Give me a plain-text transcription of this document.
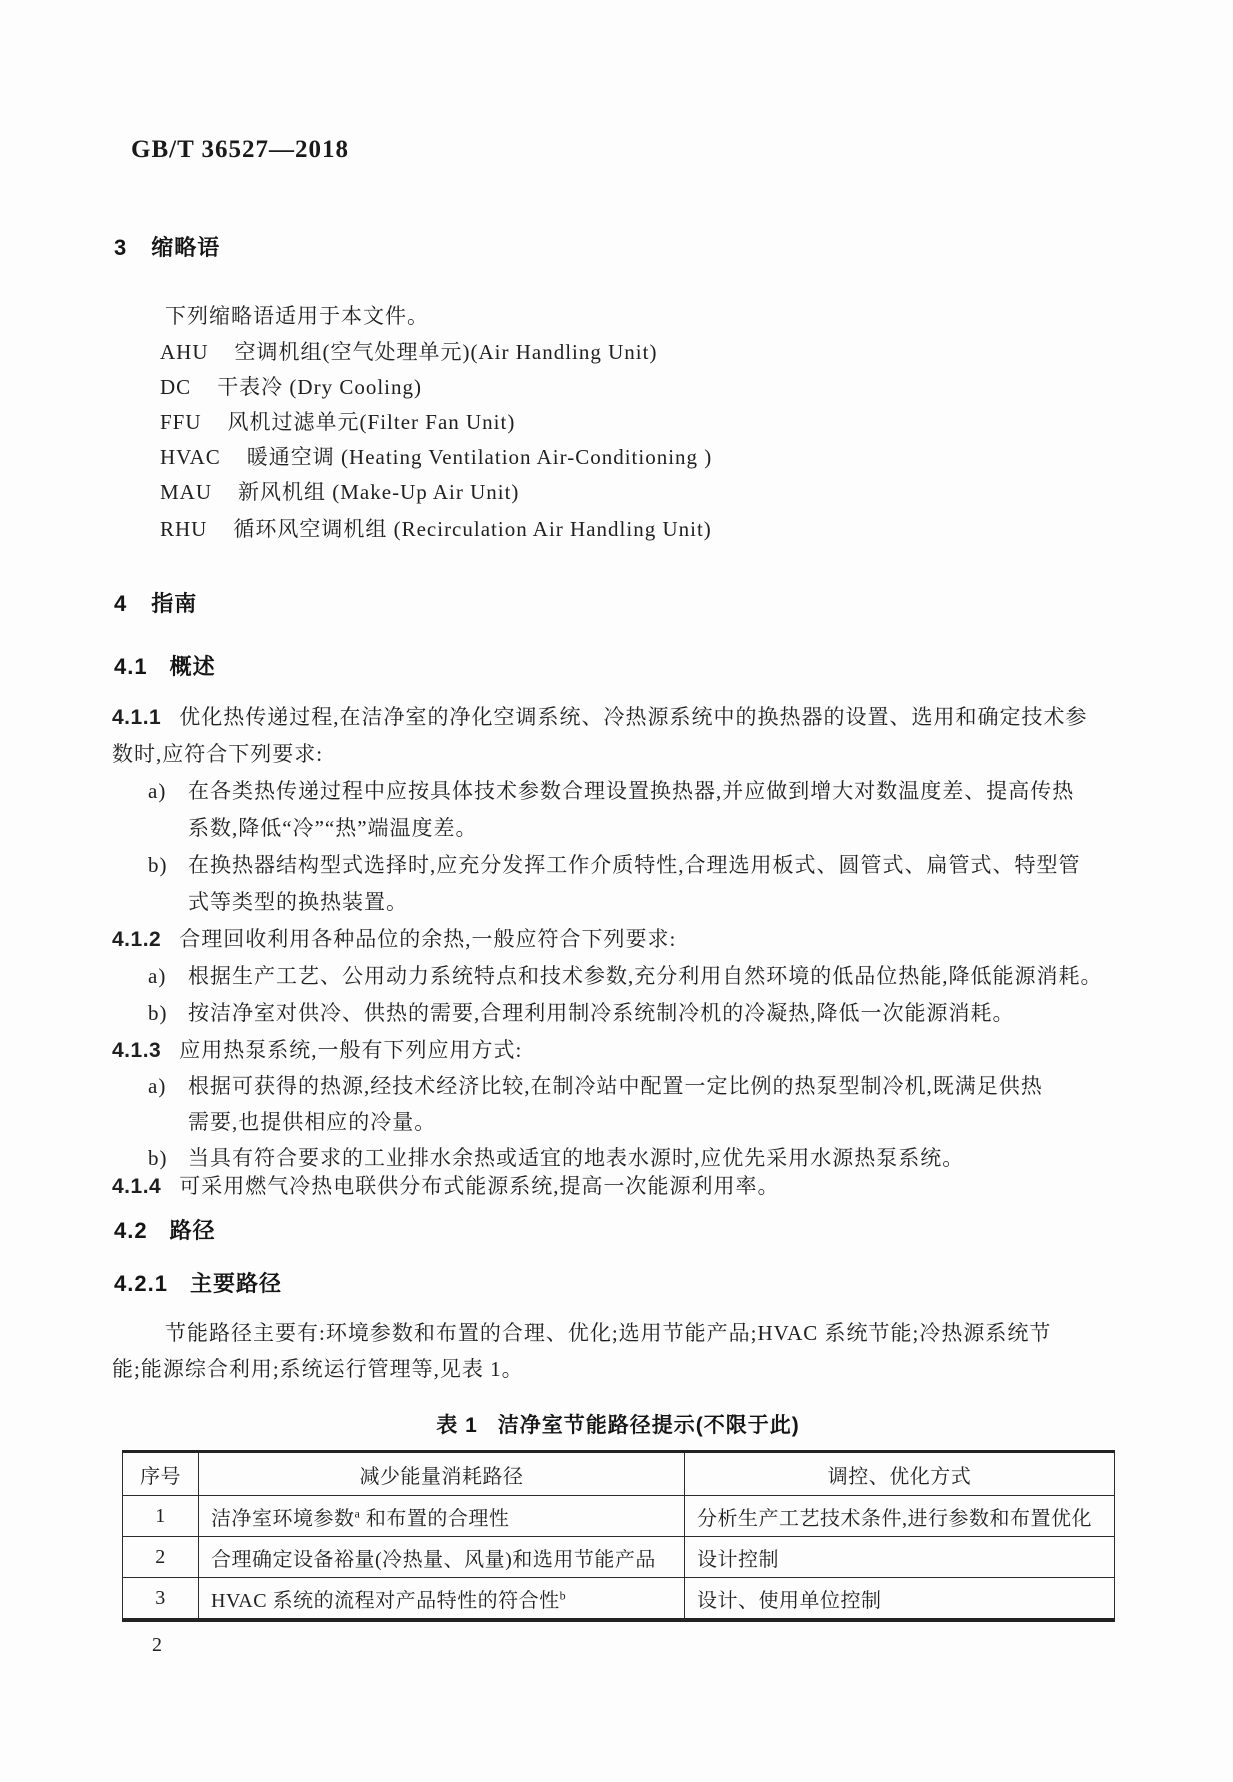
GB/T 36527—2018
3 缩略语
下列缩略语适用于本文件。
AHU 空调机组(空气处理单元)(Air Handling Unit)
DC 干表冷 (Dry Cooling)
FFU 风机过滤单元(Filter Fan Unit)
HVAC 暖通空调 (Heating Ventilation Air-Conditioning )
MAU 新风机组 (Make-Up Air Unit)
RHU 循环风空调机组 (Recirculation Air Handling Unit)
4 指南
4.1 概述
4.1.1 优化热传递过程,在洁净室的净化空调系统、冷热源系统中的换热器的设置、选用和确定技术参
数时,应符合下列要求:
a) 在各类热传递过程中应按具体技术参数合理设置换热器,并应做到增大对数温度差、提高传热
系数,降低“冷”“热”端温度差。
b) 在换热器结构型式选择时,应充分发挥工作介质特性,合理选用板式、圆管式、扁管式、特型管
式等类型的换热装置。
4.1.2 合理回收利用各种品位的余热,一般应符合下列要求:
a) 根据生产工艺、公用动力系统特点和技术参数,充分利用自然环境的低品位热能,降低能源消耗。
b) 按洁净室对供冷、供热的需要,合理利用制冷系统制冷机的冷凝热,降低一次能源消耗。
4.1.3 应用热泵系统,一般有下列应用方式:
a) 根据可获得的热源,经技术经济比较,在制冷站中配置一定比例的热泵型制冷机,既满足供热
需要,也提供相应的冷量。
b) 当具有符合要求的工业排水余热或适宜的地表水源时,应优先采用水源热泵系统。
4.1.4 可采用燃气冷热电联供分布式能源系统,提高一次能源利用率。
4.2 路径
4.2.1 主要路径
节能路径主要有:环境参数和布置的合理、优化;选用节能产品;HVAC 系统节能;冷热源系统节
能;能源综合利用;系统运行管理等,见表 1。
表 1 洁净室节能路径提示(不限于此)
序号	减少能量消耗路径	调控、优化方式
1	洁净室环境参数$^a$ 和布置的合理性	分析生产工艺技术条件,进行参数和布置优化
2	合理确定设备裕量(冷热量、风量)和选用节能产品	设计控制
3	HVAC 系统的流程对产品特性的符合性$^b$	设计、使用单位控制
2
